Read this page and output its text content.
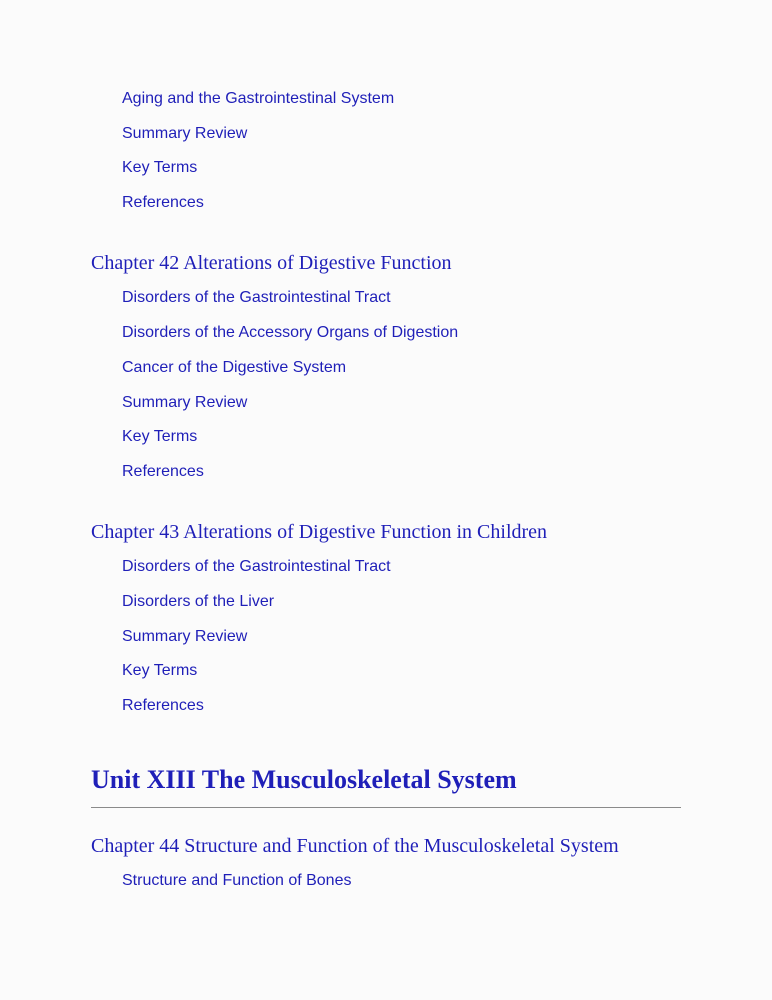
Aging and the Gastrointestinal System
Summary Review
Key Terms
References
Chapter 42 Alterations of Digestive Function
Disorders of the Gastrointestinal Tract
Disorders of the Accessory Organs of Digestion
Cancer of the Digestive System
Summary Review
Key Terms
References
Chapter 43 Alterations of Digestive Function in Children
Disorders of the Gastrointestinal Tract
Disorders of the Liver
Summary Review
Key Terms
References
Unit XIII The Musculoskeletal System
Chapter 44 Structure and Function of the Musculoskeletal System
Structure and Function of Bones
